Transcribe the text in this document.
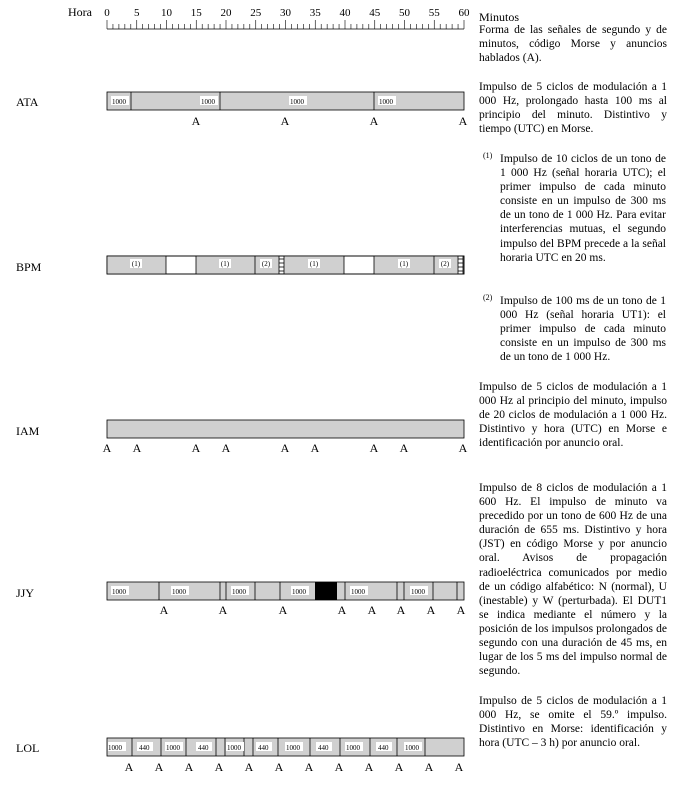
Hora 0 5 10 15 20 25 30 35 40 45 50 55 60
ATA
BPM
IAM
JJY
LOL
1000	1000	1000	1000
A	A	A	A
(1)	(1)	(2)	(1)	(1)	(2)
A A	A A	A A	A A	A
1000	1000	1000	1000	1000	1000
A	A	A	A A A A A
1000 440 1000	440	1000 440	1000	440	1000	440 1000
A A A A A A A A A A A A
Minutos
Forma de las señales de segundo y de minutos, código Morse y anuncios hablados (A).
Impulso de 5 ciclos de modulación a 1 000 Hz, prolongado hasta 100 ms al principio del minuto. Distintivo y tiempo (UTC) en Morse.
(1) Impulso de 10 ciclos de un tono de 1 000 Hz (señal horaria UTC); el primer impulso de cada minuto consiste en un impulso de 300 ms de un tono de 1 000 Hz. Para evitar interferencias mutuas, el segundo impulso del BPM precede a la señal horaria UTC en 20 ms.
(2) Impulso de 100 ms de un tono de 1 000 Hz (señal horaria UT1): el primer impulso de cada minuto consiste en un impulso de 300 ms de un tono de 1 000 Hz.
Impulso de 5 ciclos de modulación a 1 000 Hz al principio del minuto, impulso de 20 ciclos de modulación a 1 000 Hz. Distintivo y hora (UTC) en Morse e identificación por anuncio oral.
Impulso de 8 ciclos de modulación a 1 600 Hz. El impulso de minuto va precedido por un tono de 600 Hz de una duración de 655 ms. Distintivo y hora (JST) en código Morse y por anuncio oral. Avisos de propagación radioeléctrica comunicados por medio de un código alfabético: N (normal), U (inestable) y W (perturbada). El DUT1 se indica mediante el número y la posición de los impulsos prolongados de segundo con una duración de 45 ms, en lugar de los 5 ms del impulso normal de segundo.
Impulso de 5 ciclos de modulación a 1 000 Hz, se omite el 59.º impulso. Distintivo en Morse: identificación y hora (UTC – 3 h) por anuncio oral.
